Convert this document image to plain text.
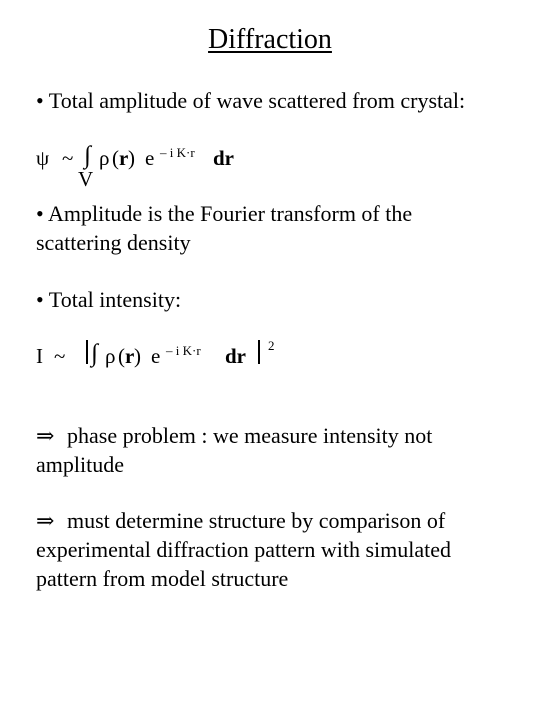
Diffraction
• Total amplitude of wave scattered from crystal:
ψ ~ ∫ ρ ( r ) e – i K·r dr
V
• Amplitude is the Fourier transform of the
scattering density
• Total intensity:
I ~ ∫ ρ ( r ) e – i K·r dr 2
⇒ phase problem : we measure intensity not
amplitude
⇒ must determine structure by comparison of
experimental diffraction pattern with simulated
pattern from model structure
